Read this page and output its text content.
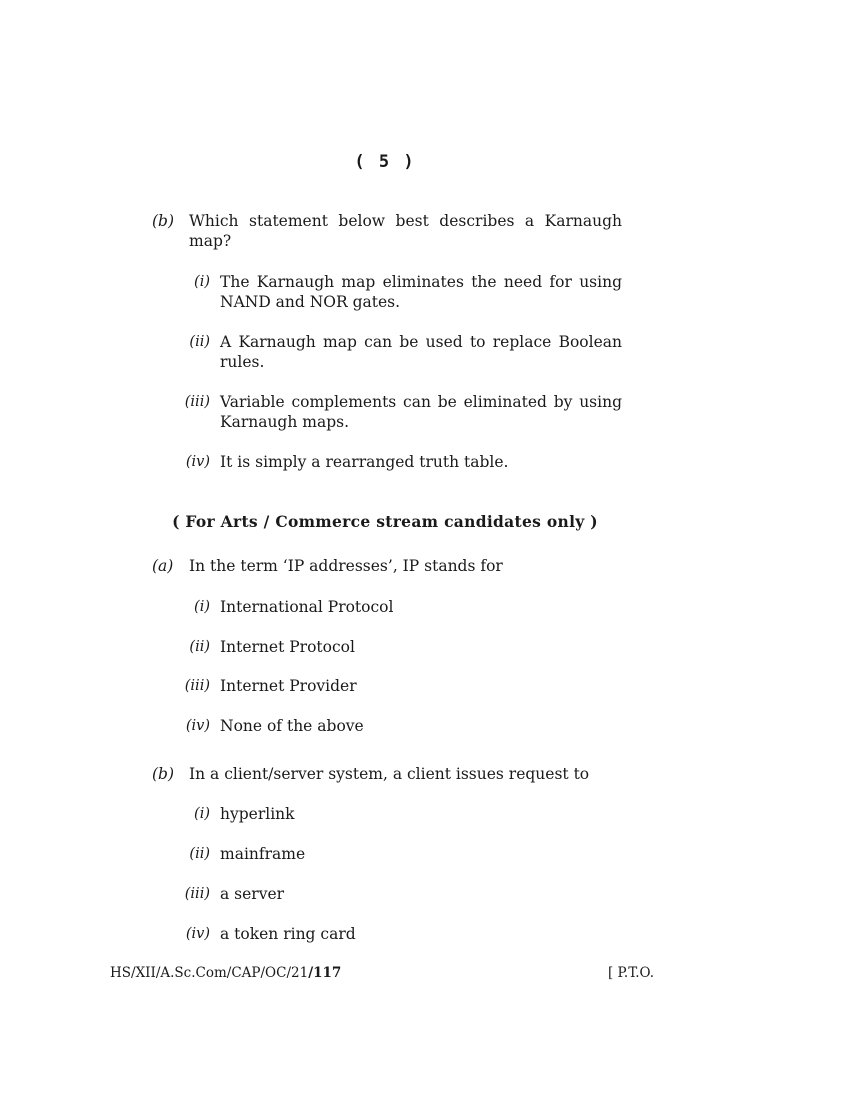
( 5 )
(b) Which statement below best describes a Karnaugh map?
(i) The Karnaugh map eliminates the need for using NAND and NOR gates.
(ii) A Karnaugh map can be used to replace Boolean rules.
(iii) Variable complements can be eliminated by using Karnaugh maps.
(iv) It is simply a rearranged truth table.
( For Arts / Commerce stream candidates only )
(a) In the term ‘IP addresses’, IP stands for
(i) International Protocol
(ii) Internet Protocol
(iii) Internet Provider
(iv) None of the above
(b) In a client/server system, a client issues request to
(i) hyperlink
(ii) mainframe
(iii) a server
(iv) a token ring card
HS/XII/A.Sc.Com/CAP/OC/21/117	[ P.T.O.
